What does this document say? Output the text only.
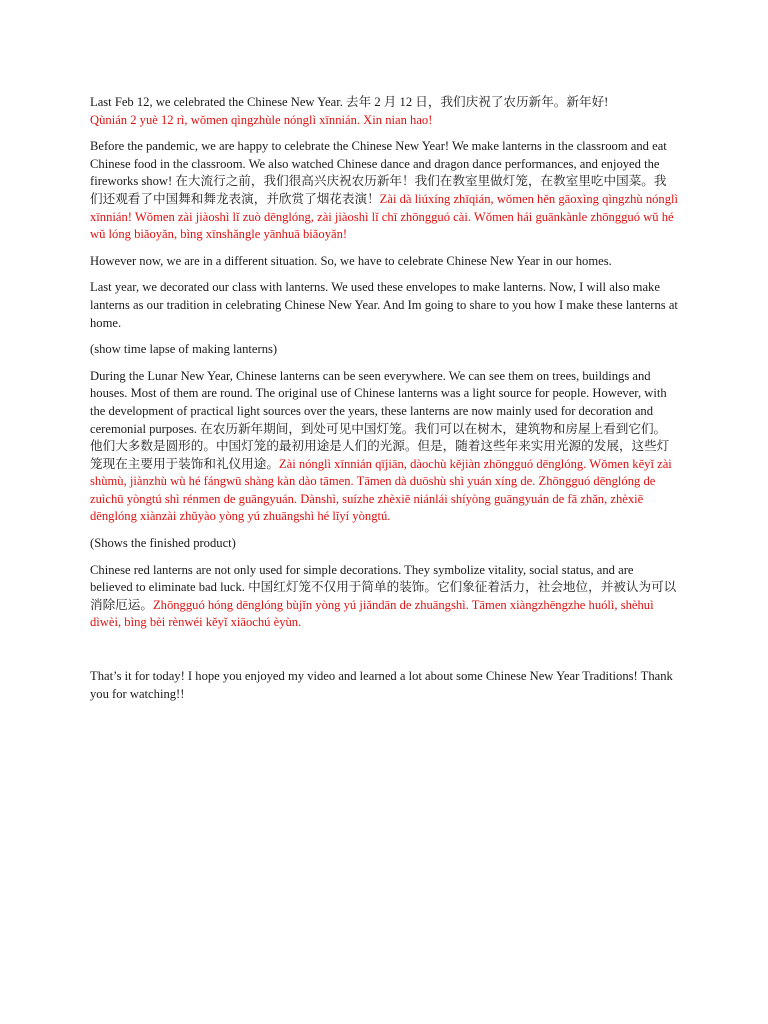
Last Feb 12, we celebrated the Chinese New Year. 去年 2 月 12 日，我们庆祝了农历新年。新年好!
Qùnián 2 yuè 12 rì, wǒmen qìngzhùle nónglì xīnnián. Xin nian hao!

Before the pandemic, we are happy to celebrate the Chinese New Year! We make lanterns in the classroom and eat Chinese food in the classroom. We also watched Chinese dance and dragon dance performances, and enjoyed the fireworks show! 在大流行之前，我们很高兴庆祝农历新年！我们在教室里做灯笼，在教室里吃中国菜。我们还观看了中国舞和舞龙表演，并欣赏了烟花表演！Zài dà liúxíng zhīqián, wǒmen hěn gāoxìng qìngzhù nónglì xīnnián! Wǒmen zài jiàoshì lǐ zuò dēnglóng, zài jiàoshì lǐ chī zhōngguó cài. Wǒmen hái guānkànle zhōngguó wǔ hé wǔ lóng biǎoyǎn, bìng xīnshǎngle yānhuā biǎoyǎn!

However now, we are in a different situation. So, we have to celebrate Chinese New Year in our homes.

Last year, we decorated our class with lanterns. We used these envelopes to make lanterns. Now, I will also make lanterns as our tradition in celebrating Chinese New Year. And Im going to share to you how I make these lanterns at home.

(show time lapse of making lanterns)

During the Lunar New Year, Chinese lanterns can be seen everywhere. We can see them on trees, buildings and houses. Most of them are round. The original use of Chinese lanterns was a light source for people. However, with the development of practical light sources over the years, these lanterns are now mainly used for decoration and ceremonial purposes. 在农历新年期间，到处可见中国灯笼。我们可以在树木，建筑物和房屋上看到它们。他们大多数是圆形的。中国灯笼的最初用途是人们的光源。但是，随着这些年来实用光源的发展，这些灯笼现在主要用于装饰和礼仪用途。Zài nónglì xīnnián qījiān, dàochù kějiàn zhōngguó dēnglóng. Wǒmen kěyǐ zài shùmù, jiànzhù wù hé fángwū shàng kàn dào tāmen. Tāmen dà duōshù shì yuán xíng de. Zhōngguó dēnglóng de zuìchū yòngtú shì rénmen de guāngyuán. Dànshì, suízhe zhèxiē niánlái shíyòng guāngyuán de fā zhǎn, zhèxiē dēnglóng xiànzài zhǔyào yòng yú zhuāngshì hé lǐyí yòngtú.

(Shows the finished product)

Chinese red lanterns are not only used for simple decorations. They symbolize vitality, social status, and are believed to eliminate bad luck. 中国红灯笼不仅用于简单的装饰。它们象征着活力，社会地位，并被认为可以消除厄运。Zhōngguó hóng dēnglóng bùjǐn yòng yú jiǎndān de zhuāngshì. Tāmen xiàngzhēngzhe huólì, shèhuì dìwèi, bìng bèi rènwéi kěyǐ xiāochú èyùn.

That’s it for today! I hope you enjoyed my video and learned a lot about some Chinese New Year Traditions! Thank you for watching!!
